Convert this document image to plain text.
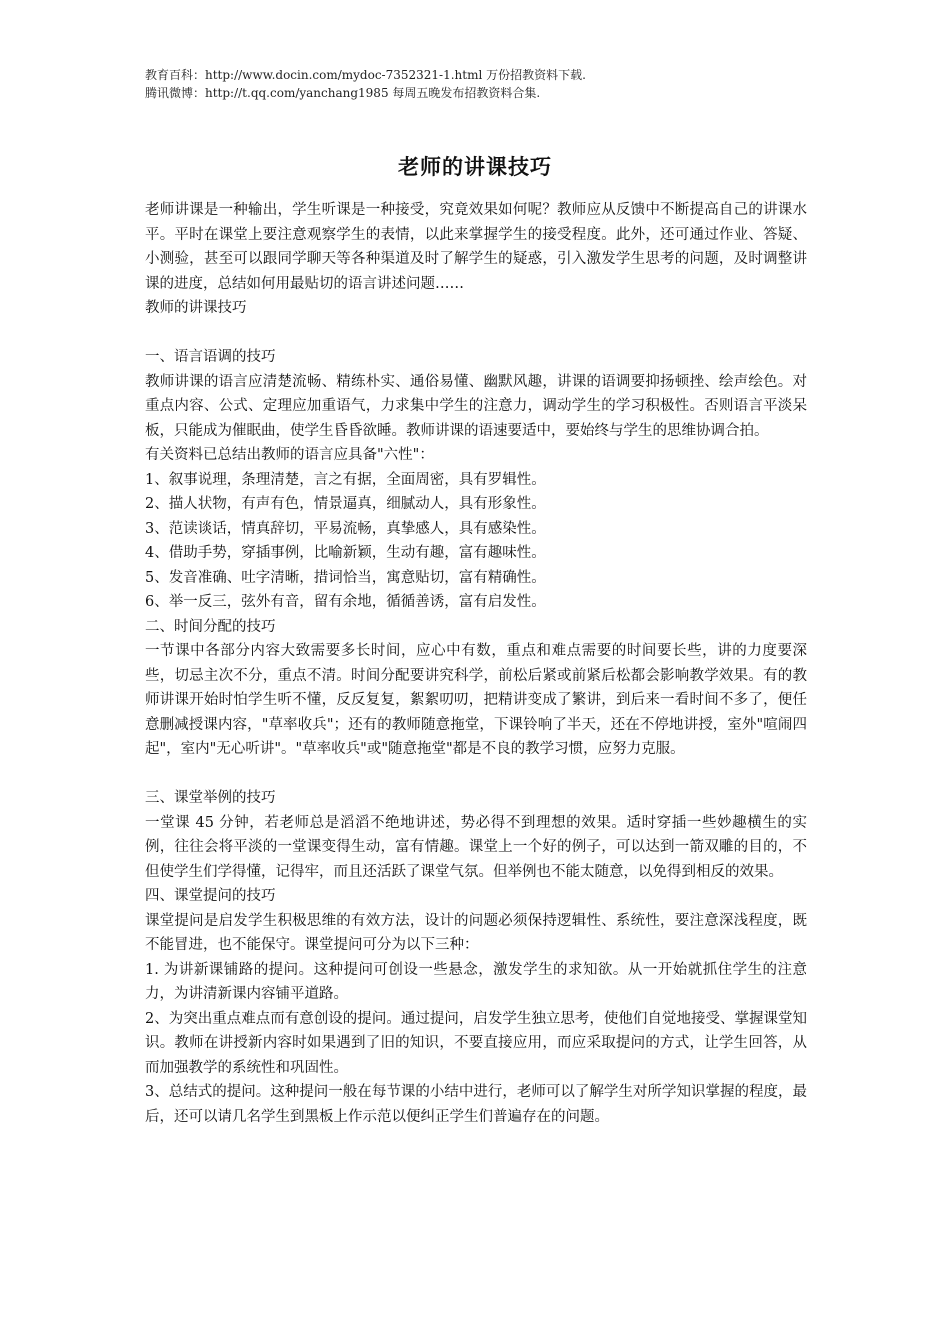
教育百科：http://www.docin.com/mydoc-7352321-1.html 万份招教资料下载.
腾讯微博：http://t.qq.com/yanchang1985 每周五晚发布招教资料合集.
老师的讲课技巧

老师讲课是一种输出，学生听课是一种接受，究竟效果如何呢？教师应从反馈中不断提高自己的讲课水平。平时在课堂上要注意观察学生的表情，以此来掌握学生的接受程度。此外，还可通过作业、答疑、小测验，甚至可以跟同学聊天等各种渠道及时了解学生的疑惑，引入激发学生思考的问题，及时调整讲课的进度，总结如何用最贴切的语言讲述问题……

教师的讲课技巧

一、语言语调的技巧

教师讲课的语言应清楚流畅、精练朴实、通俗易懂、幽默风趣，讲课的语调要抑扬顿挫、绘声绘色。对重点内容、公式、定理应加重语气，力求集中学生的注意力，调动学生的学习积极性。否则语言平淡呆板，只能成为催眠曲，使学生昏昏欲睡。教师讲课的语速要适中，要始终与学生的思维协调合拍。

有关资料已总结出教师的语言应具备"六性"：

1、叙事说理，条理清楚，言之有据，全面周密，具有罗辑性。

2、描人状物，有声有色，情景逼真，细腻动人，具有形象性。

3、范读谈话，情真辞切，平易流畅，真挚感人，具有感染性。

4、借助手势，穿插事例，比喻新颖，生动有趣，富有趣味性。

5、发音准确、吐字清晰，措词恰当，寓意贴切，富有精确性。

6、举一反三，弦外有音，留有余地，循循善诱，富有启发性。

二、时间分配的技巧

一节课中各部分内容大致需要多长时间，应心中有数，重点和难点需要的时间要长些，讲的力度要深些，切忌主次不分，重点不清。时间分配要讲究科学，前松后紧或前紧后松都会影响教学效果。有的教师讲课开始时怕学生听不懂，反反复复，絮絮叨叨，把精讲变成了繁讲，到后来一看时间不多了，便任意删减授课内容，"草率收兵"；还有的教师随意拖堂，下课铃响了半天，还在不停地讲授，室外"喧闹四起"，室内"无心听讲"。"草率收兵"或"随意拖堂"都是不良的教学习惯，应努力克服。

三、课堂举例的技巧

一堂课 45 分钟，若老师总是滔滔不绝地讲述，势必得不到理想的效果。适时穿插一些妙趣横生的实例，往往会将平淡的一堂课变得生动，富有情趣。课堂上一个好的例子，可以达到一箭双雕的目的，不但使学生们学得懂，记得牢，而且还活跃了课堂气氛。但举例也不能太随意，以免得到相反的效果。

四、课堂提问的技巧

课堂提问是启发学生积极思维的有效方法，设计的问题必须保持逻辑性、系统性，要注意深浅程度，既不能冒进，也不能保守。课堂提问可分为以下三种：

1. 为讲新课铺路的提问。这种提问可创设一些悬念，激发学生的求知欲。从一开始就抓住学生的注意力，为讲清新课内容铺平道路。

2、为突出重点难点而有意创设的提问。通过提问，启发学生独立思考，使他们自觉地接受、掌握课堂知识。教师在讲授新内容时如果遇到了旧的知识，不要直接应用，而应采取提问的方式，让学生回答，从而加强教学的系统性和巩固性。

3、总结式的提问。这种提问一般在每节课的小结中进行，老师可以了解学生对所学知识掌握的程度，最后，还可以请几名学生到黑板上作示范以便纠正学生们普遍存在的问题。
